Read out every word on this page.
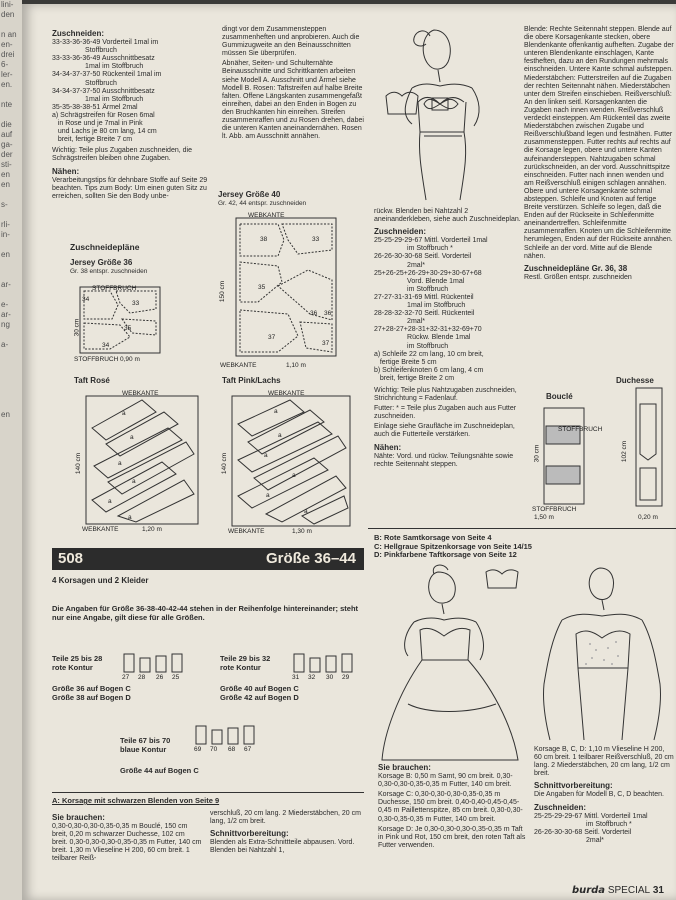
lini-
den

n an
en-
drei
6-
ler-
en.

nte

die
auf
ga-
der
sti-
en
en

s-

rli-
in-

en

ar-

e-
ar-
ng

a-

en
Zuschneiden:
33-33-36-36-49 Vorderteil 1mal im
Stoffbruch
33-33-36-36-49 Ausschnittbesatz
1mal im Stoffbruch
34-34-37-37-50 Rückenteil 1mal im
Stoffbruch
34-34-37-37-50 Ausschnittbesatz
1mal im Stoffbruch
35-35-38-38-51 Ärmel 2mal
a) Schrägstreifen für Rosen 6mal
in Rose und je 7mal in Pink
und Lachs je 80 cm lang, 14 cm
breit, fertige Breite 7 cm

Wichtig: Teile plus Zugaben zuschneiden, die Schrägstreifen bleiben ohne Zugaben.

Nähen:

Verarbeitungstips für dehnbare Stoffe auf Seite 29 beachten. Tips zum Body: Um einen guten Sitz zu erreichen, sollten Sie den Body unbe-

dingt vor dem Zusammensteppen zusammenheften und anprobieren. Auch die Gummizugweite an den Beinausschnitten müssen Sie überprüfen.

Abnäher, Seiten- und Schulternähte Beinausschnitte und Schrittkanten arbeiten siehe Modell A. Ausschnitt und Ärmel siehe Modell B. Rosen: Taftstreifen auf halbe Breite falten. Offene Längskanten zusammengefaßt einreihen, dabei an den Enden in Bogen zu den Bruchkanten hin einreihen. Streifen zusammenraffen und zu Rosen drehen, dabei die unteren Kanten aneinandernähen. Rosen lt. Abb. am Ausschnitt annähen.

Zuschneidepläne
Jersey Größe 36
Gr. 38 entspr. zuschneiden
STOFFBRUCH
34
33
35
34
30 cm
STOFFBRUCH 0,90 m
Jersey Größe 40
Gr. 42, 44 entspr. zuschneiden
WEBKANTE
38	33
35
36 36
37
37
150 cm
WEBKANTE	1,10 m
Taft Rosé
WEBKANTE
a
a
a
a
a
a
140 cm
WEBKANTE	1,20 m
Taft Pink/Lachs
WEBKANTE
a
a
a
a
a
a
140 cm
WEBKANTE	1,30 m

rückw. Blenden bei Nahtzahl 2 aneinanderkleben, siehe auch Zuschneideplan.

Zuschneiden:
25-25-29-29-67 Mittl. Vorderteil 1mal
im Stoffbruch *
26-26-30-30-68 Seitl. Vorderteil
2mal*
25+26-25+26-29+30-29+30-67+68
Vord. Blende 1mal
im Stoffbruch
27-27-31-31-69 Mittl. Rückenteil
1mal im Stoffbruch
28-28-32-32-70 Seitl. Rückenteil
2mal*
27+28-27+28-31+32-31+32-69+70
Rückw. Blende 1mal
im Stoffbruch
a) Schleife 22 cm lang, 10 cm breit,
fertige Breite 5 cm
b) Schleifenknoten 6 cm lang, 4 cm
breit, fertige Breite 2 cm

Wichtig: Teile plus Nahtzugaben zuschneiden, Strichrichtung = Fadenlauf.

Futter: * = Teile plus Zugaben auch aus Futter zuschneiden.

Einlage siehe Graufläche im Zuschneideplan, auch die Futterteile verstärken.

Nähen:

Nähte: Vord. und rückw. Teilungsnähte sowie rechte Seitennaht steppen.

Blende: Rechte Seitennaht steppen. Blende auf die obere Korsagenkante stecken, obere Blendenkante offenkantig aufheften. Zugabe der unteren Blendenkante einschlagen, Kante festheften, dazu an den Rundungen mehrmals einschneiden. Untere Kante schmal aufsteppen. Miederstäbchen: Futterstreifen auf die Zugaben der rechten Seitennaht nähen. Miederstäbchen unter dem Streifen einschieben. Reißverschluß: An den linken seitl. Korsagenkanten die Zugaben nach innen wenden. Reißverschluß verdeckt einsteppen. Am Rückenteil das zweite Miederstäbchen zwischen Zugabe und Reißverschlußband legen und festnähen. Futter zusammensteppen. Futter rechts auf rechts auf die Korsage legen, obere und untere Kanten aufeinandersteppen. Nahtzugaben schmal zurückschneiden, an der vord. Ausschnittspitze einschneiden. Futter nach innen wenden und am Reißverschluß einigen schlagen annähen. Obere und untere Korsagenkante schmal absteppen. Schleife und Knoten auf fertige Breite verstürzen. Schleife so legen, daß die Enden auf der Rückseite in Schleifenmitte aneinandertreffen. Schleifenmitte zusammenraffen. Knoten um die Schleifenmitte herumlegen, Enden auf der Rückseite annähen. Schleife an der vord. Mitte auf die Blende nähen.

Zuschneidepläne Gr. 36, 38

Restl. Größen entspr. zuschneiden

Bouclé
Duchesse
STOFFBRUCH
30 cm
STOFFBRUCH
1,50 m
102 cm
0,20 m
508	Größe 36–44
4 Korsagen und 2 Kleider
Die Angaben für Größe 36-38-40-42-44 stehen in der Reihenfolge hintereinander; steht nur eine Angabe, gilt diese für alle Größen.
Teile 25 bis 28
rote Kontur
Größe 36 auf Bogen C
Größe 38 auf Bogen D
27 28 26 25
Teile 29 bis 32
rote Kontur
Größe 40 auf Bogen C
Größe 42 auf Bogen D
31 32 30 29
Teile 67 bis 70
blaue Kontur
Größe 44 auf Bogen C
69 70 68 67
A: Korsage mit schwarzen Blenden von Seite 9
Sie brauchen:

0,30-0,30-0,30-0,35-0,35 m Bouclé, 150 cm breit, 0,20 m schwarzer Duchesse, 102 cm breit. 0,30-0,30-0,30-0,35-0,35 m Futter, 140 cm breit. 1,30 m Vlieseline H 200, 60 cm breit. 1 teilbarer Reiß-

verschluß, 20 cm lang. 2 Miederstäbchen, 20 cm lang, 1/2 cm breit.

Schnittvorbereitung:

Blenden als Extra-Schnittteile abpausen. Vord. Blenden bei Nahtzahl 1,

B: Rote Samtkorsage von Seite 4
C: Hellgraue Spitzenkorsage von Seite 14/15
D: Pinkfarbene Taftkorsage von Seite 12
Sie brauchen:

Korsage B: 0,50 m Samt, 90 cm breit. 0,30-0,30-0,30-0,35-0,35 m Futter, 140 cm breit.

Korsage C: 0,30-0,30-0,30-0,35-0,35 m Duchesse, 150 cm breit. 0,40-0,40-0,45-0,45-0,45 m Paillettenspitze, 85 cm breit. 0,30-0,30-0,30-0,35-0,35 m Futter, 140 cm breit.

Korsage D: Je 0,30-0,30-0,30-0,35-0,35 m Taft in Pink und Rot, 150 cm breit, den roten Taft als Futter verwenden.

Korsage B, C, D: 1,10 m Vlieseline H 200, 60 cm breit. 1 teilbarer Reißverschluß, 20 cm lang. 2 Miederstäbchen, 20 cm lang, 1/2 cm breit.

Schnittvorbereitung:

Die Angaben für Modell B, C, D beachten.

Zuschneiden:
25-25-29-29-67 Mittl. Vorderteil 1mal
im Stoffbruch *
26-26-30-30-68 Seitl. Vorderteil
2mal*
burda SPECIAL 31
